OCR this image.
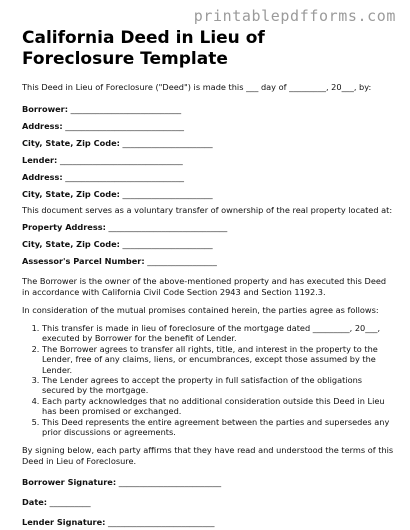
printablepdfforms.com
California Deed in Lieu of Foreclosure Template

This Deed in Lieu of Foreclosure ("Deed") is made this ___ day of _________, 20___, by:

Borrower: ___________________________

Address: _____________________________

City, State, Zip Code: ______________________

Lender: ______________________________

Address: _____________________________

City, State, Zip Code: ______________________

This document serves as a voluntary transfer of ownership of the real property located at:

Property Address: _____________________________

City, State, Zip Code: ______________________

Assessor's Parcel Number: _________________

The Borrower is the owner of the above-mentioned property and has executed this Deed in accordance with California Civil Code Section 2943 and Section 1192.3.

In consideration of the mutual promises contained herein, the parties agree as follows:

1. This transfer is made in lieu of foreclosure of the mortgage dated _________, 20___, executed by Borrower for the benefit of Lender.
2. The Borrower agrees to transfer all rights, title, and interest in the property to the Lender, free of any claims, liens, or encumbrances, except those assumed by the Lender.
3. The Lender agrees to accept the property in full satisfaction of the obligations secured by the mortgage.
4. Each party acknowledges that no additional consideration outside this Deed in Lieu has been promised or exchanged.
5. This Deed represents the entire agreement between the parties and supersedes any prior discussions or agreements.

By signing below, each party affirms that they have read and understood the terms of this Deed in Lieu of Foreclosure.

Borrower Signature: _________________________

Date: __________

Lender Signature: __________________________
